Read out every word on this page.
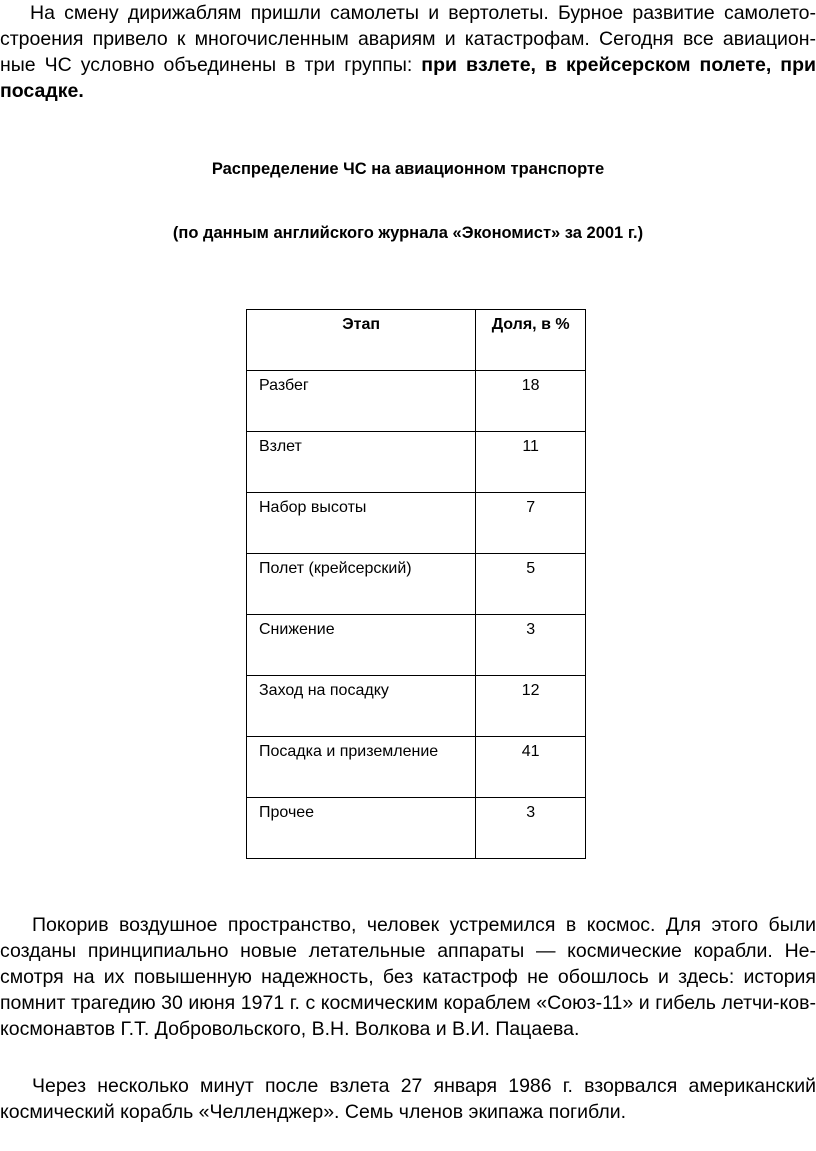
На смену дирижаблям пришли самолеты и вертолеты. Бурное развитие самолето-строения привело к многочисленным авариям и катастрофам. Сегодня все авиацион-ные ЧС условно объединены в три группы: при взлете, в крейсерском полете, при посадке.

Распределение ЧС на авиационном транспорте

(по данным английского журнала «Экономист» за 2001 г.)

Этап	Доля, в %
Разбег	18
Взлет	11
Набор высоты	7
Полет (крейсерский)	5
Снижение	3
Заход на посадку	12
Посадка и приземление	41
Прочее	3

Покорив воздушное пространство, человек устремился в космос. Для этого были созданы принципиально новые летательные аппараты — космические корабли. Не-смотря на их повышенную надежность, без катастроф не обошлось и здесь: история помнит трагедию 30 июня 1971 г. с космическим кораблем «Союз-11» и гибель летчи-ков-космонавтов Г.Т. Добровольского, В.Н. Волкова и В.И. Пацаева.

Через несколько минут после взлета 27 января 1986 г. взорвался американский космический корабль «Челленджер». Семь членов экипажа погибли.
